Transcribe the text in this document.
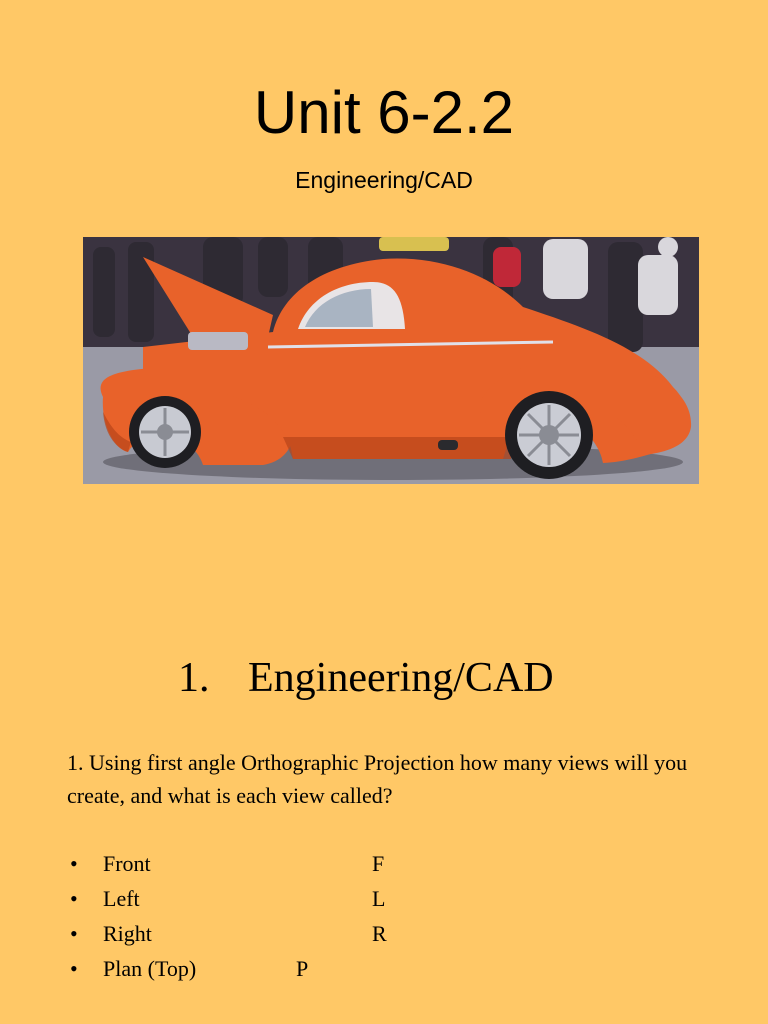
Unit 6-2.2
Engineering/CAD
1. Engineering/CAD
1. Using first angle Orthographic Projection how many views will you create, and what is each view called?
• Front	F
• Left	L
• Right	R
• Plan (Top)	P
